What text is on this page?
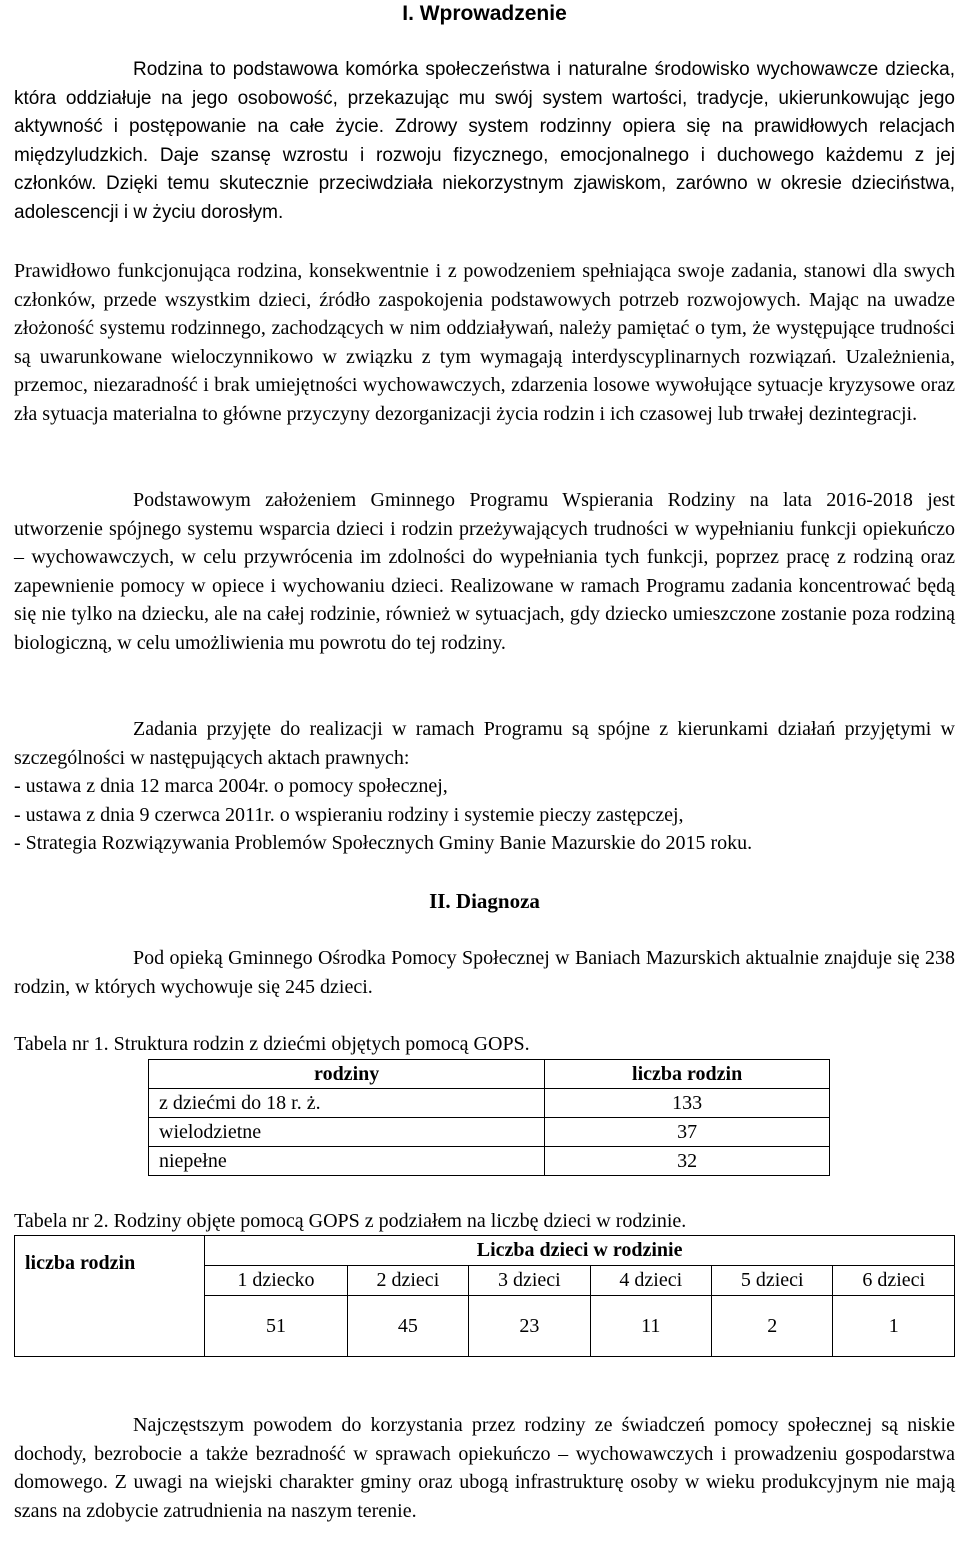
I. Wprowadzenie

Rodzina to podstawowa komórka społeczeństwa i naturalne środowisko wychowawcze dziecka, która oddziałuje na jego osobowość, przekazując mu swój system wartości, tradycje, ukierunkowując jego aktywność i postępowanie na całe życie. Zdrowy system rodzinny opiera się na prawidłowych relacjach międzyludzkich. Daje szansę wzrostu i rozwoju fizycznego, emocjonalnego i duchowego każdemu z jej członków. Dzięki temu skutecznie przeciwdziała niekorzystnym zjawiskom, zarówno w okresie dzieciństwa, adolescencji i w życiu dorosłym.

Prawidłowo funkcjonująca rodzina, konsekwentnie i z powodzeniem spełniająca swoje zadania, stanowi dla swych członków, przede wszystkim dzieci, źródło zaspokojenia podstawowych potrzeb rozwojowych. Mając na uwadze złożoność systemu rodzinnego, zachodzących w nim oddziaływań, należy pamiętać o tym, że występujące trudności są uwarunkowane wieloczynnikowo w związku z tym wymagają interdyscyplinarnych rozwiązań. Uzależnienia, przemoc, niezaradność i brak umiejętności wychowawczych, zdarzenia losowe wywołujące sytuacje kryzysowe oraz zła sytuacja materialna to główne przyczyny dezorganizacji życia rodzin i ich czasowej lub trwałej dezintegracji.

Podstawowym założeniem Gminnego Programu Wspierania Rodziny na lata 2016-2018 jest utworzenie spójnego systemu wsparcia dzieci i rodzin przeżywających trudności w wypełnianiu funkcji opiekuńczo – wychowawczych, w celu przywrócenia im zdolności do wypełniania tych funkcji, poprzez pracę z rodziną oraz zapewnienie pomocy w opiece i wychowaniu dzieci. Realizowane w ramach Programu zadania koncentrować będą się nie tylko na dziecku, ale na całej rodzinie, również w sytuacjach, gdy dziecko umieszczone zostanie poza rodziną biologiczną, w celu umożliwienia mu powrotu do tej rodziny.

Zadania przyjęte do realizacji w ramach Programu są spójne z kierunkami działań przyjętymi w szczególności w następujących aktach prawnych:

- ustawa z dnia 12 marca 2004r. o pomocy społecznej,
- ustawa z dnia 9 czerwca 2011r. o wspieraniu rodziny i systemie pieczy zastępczej,
- Strategia Rozwiązywania Problemów Społecznych Gminy Banie Mazurskie do 2015 roku.
II. Diagnoza

Pod opieką Gminnego Ośrodka Pomocy Społecznej w Baniach Mazurskich aktualnie znajduje się 238 rodzin, w których wychowuje się 245 dzieci.

Tabela nr 1. Struktura rodzin z dziećmi objętych pomocą GOPS.

rodziny	liczba rodzin
z dziećmi do 18 r. ż.	133
wielodzietne	37
niepełne	32

Tabela nr 2. Rodziny objęte pomocą GOPS z podziałem na liczbę dzieci w rodzinie.

liczba rodzin	Liczba dzieci w rodzinie					
	1 dziecko	2 dzieci	3 dzieci	4 dzieci	5 dzieci	6 dzieci
	51	45	23	11	2	1

Najczęstszym powodem do korzystania przez rodziny ze świadczeń pomocy społecznej są niskie dochody, bezrobocie a także bezradność w sprawach opiekuńczo – wychowawczych i prowadzeniu gospodarstwa domowego. Z uwagi na wiejski charakter gminy oraz ubogą infrastrukturę osoby w wieku produkcyjnym nie mają szans na zdobycie zatrudnienia na naszym terenie.
